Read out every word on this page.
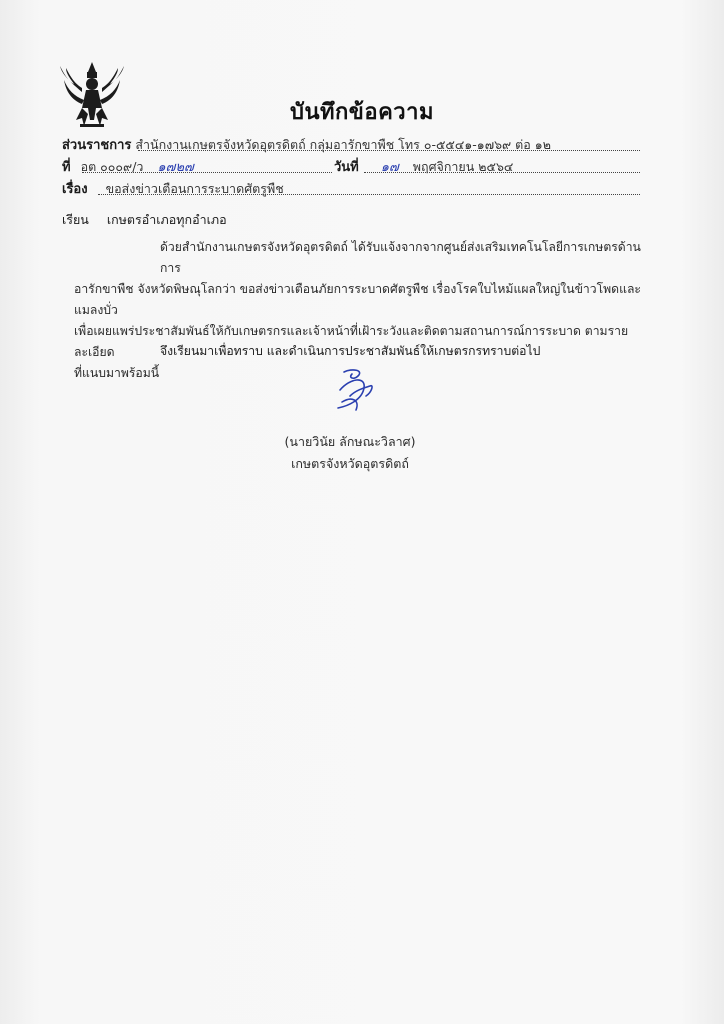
บันทึกข้อความ
ส่วนราชการ สำนักงานเกษตรจังหวัดอุตรดิตถ์ กลุ่มอารักขาพืช โทร ๐-๕๕๔๑-๑๗๖๙ ต่อ ๑๒
ที่ อต ๐๐๐๙/ว ๑๗๒๗	วันที่ ๑๗ พฤศจิกายน ๒๕๖๔
เรื่อง ขอส่งข่าวเตือนการระบาดศัตรูพืช
เรียน เกษตรอำเภอทุกอำเภอ
ด้วยสำนักงานเกษตรจังหวัดอุตรดิตถ์ ได้รับแจ้งจากจากศูนย์ส่งเสริมเทคโนโลยีการเกษตรด้านการ
อารักขาพืช จังหวัดพิษณุโลกว่า ขอส่งข่าวเตือนภัยการระบาดศัตรูพืช เรื่องโรคใบไหม้แผลใหญ่ในข้าวโพดและแมลงบั่ว
เพื่อเผยแพร่ประชาสัมพันธ์ให้กับเกษตรกรและเจ้าหน้าที่เฝ้าระวังและติดตามสถานการณ์การระบาด ตามรายละเอียด
ที่แนบมาพร้อมนี้
จึงเรียนมาเพื่อทราบ และดำเนินการประชาสัมพันธ์ให้เกษตรกรทราบต่อไป
(นายวินัย ลักษณะวิลาศ)
เกษตรจังหวัดอุตรดิตถ์
